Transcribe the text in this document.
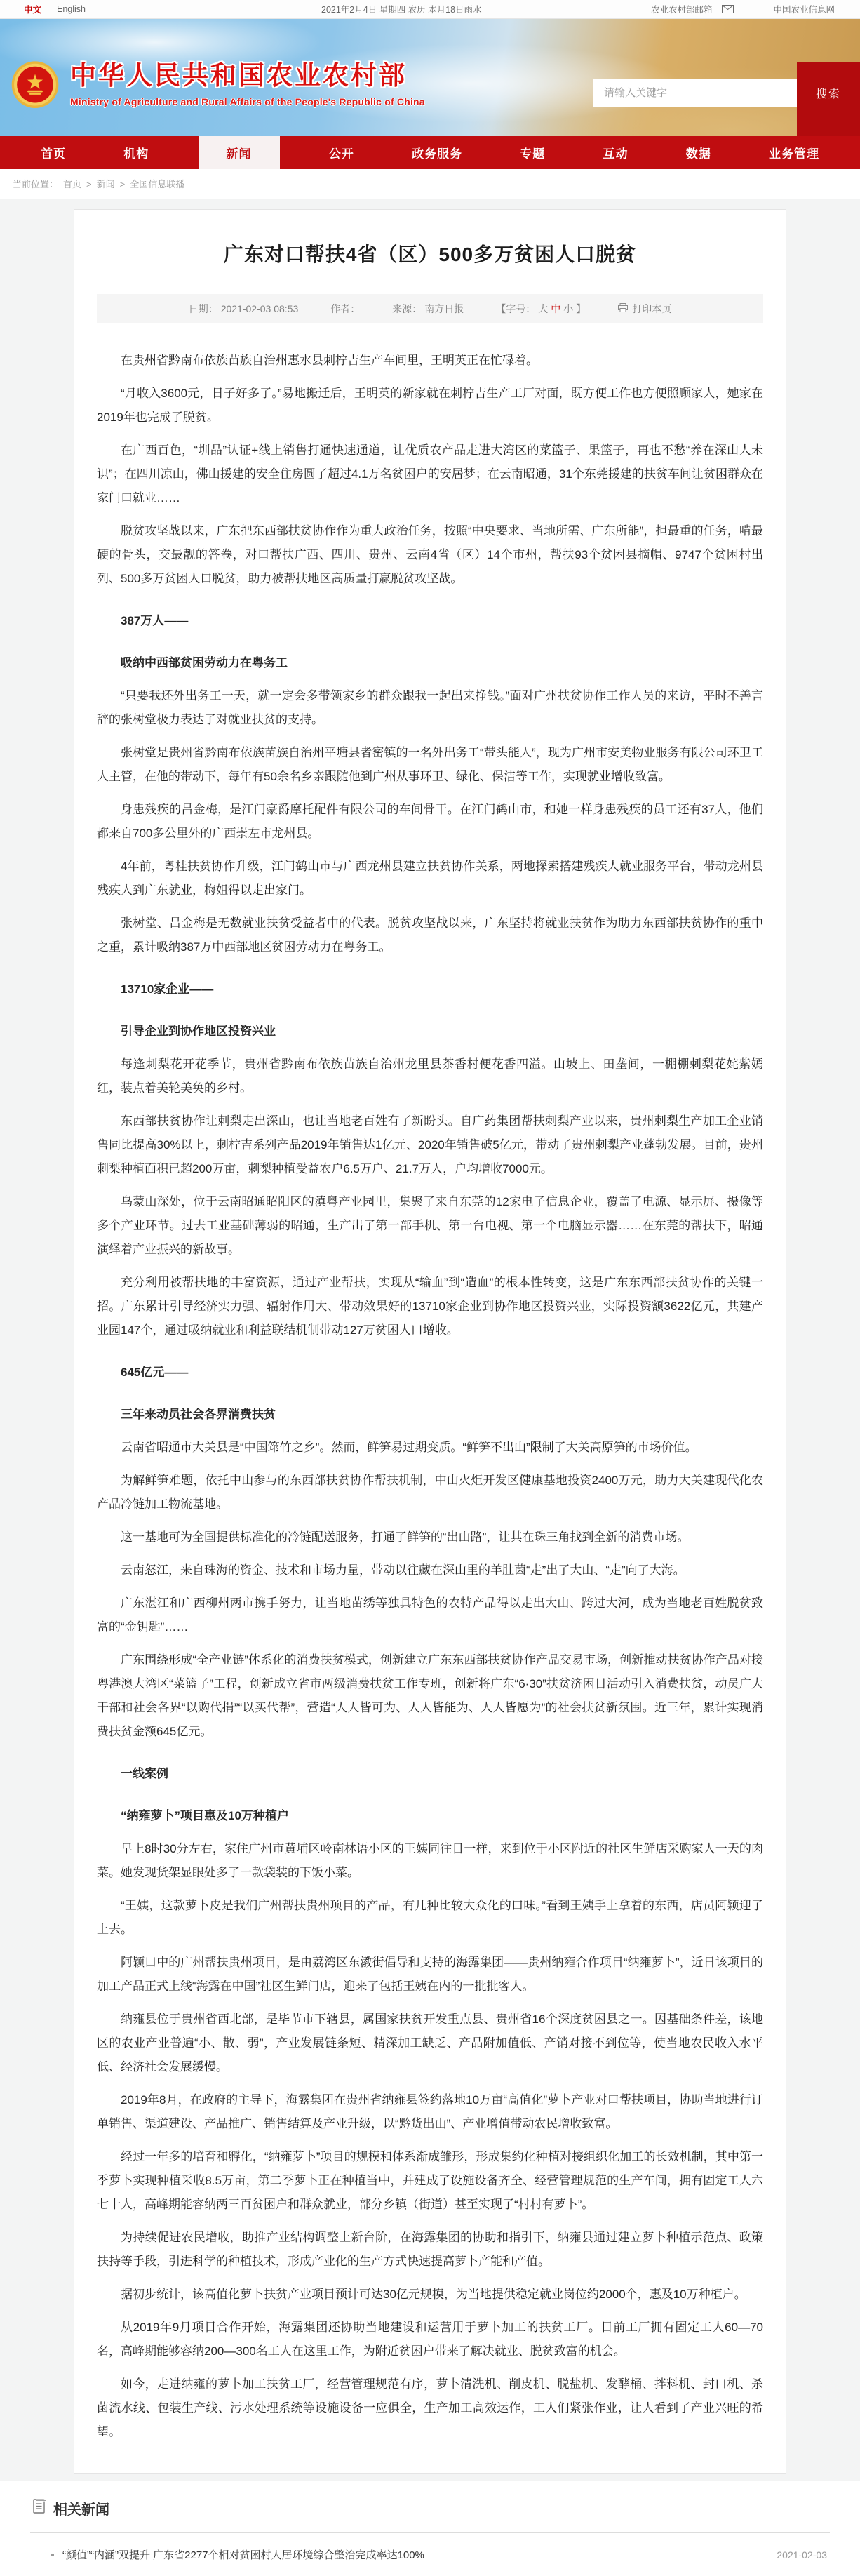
中文 English	2021年2月4日 星期四 农历 本月18日雨水	农业农村部邮箱	中国农业信息网
中华人民共和国农业农村部
Ministry of Agriculture and Rural Affairs of the People's Republic of China
请输入关键字
搜索
首页	机构	新闻	公开	政务服务	专题	互动	数据	业务管理
当前位置： 首页 > 新闻 > 全国信息联播
广东对口帮扶4省（区）500多万贫困人口脱贫
日期： 2021-02-03 08:53	作者：	来源： 南方日报	【字号： 大 中 小 】	打印本页

在贵州省黔南布依族苗族自治州惠水县刺柠吉生产车间里，王明英正在忙碌着。

“月收入3600元，日子好多了。”易地搬迁后，王明英的新家就在刺柠吉生产工厂对面，既方便工作也方便照顾家人，她家在2019年也完成了脱贫。

在广西百色，“圳品”认证+线上销售打通快速通道，让优质农产品走进大湾区的菜篮子、果篮子，再也不愁“养在深山人未识”；在四川凉山，佛山援建的安全住房圆了超过4.1万名贫困户的安居梦；在云南昭通，31个东莞援建的扶贫车间让贫困群众在家门口就业……

脱贫攻坚战以来，广东把东西部扶贫协作作为重大政治任务，按照“中央要求、当地所需、广东所能”，担最重的任务，啃最硬的骨头，交最靓的答卷，对口帮扶广西、四川、贵州、云南4省（区）14个市州，帮扶93个贫困县摘帽、9747个贫困村出列、500多万贫困人口脱贫，助力被帮扶地区高质量打赢脱贫攻坚战。

387万人——

吸纳中西部贫困劳动力在粤务工

“只要我还外出务工一天，就一定会多带领家乡的群众跟我一起出来挣钱。”面对广州扶贫协作工作人员的来访，平时不善言辞的张树堂极力表达了对就业扶贫的支持。

张树堂是贵州省黔南布依族苗族自治州平塘县者密镇的一名外出务工“带头能人”，现为广州市安美物业服务有限公司环卫工人主管，在他的带动下，每年有50余名乡亲跟随他到广州从事环卫、绿化、保洁等工作，实现就业增收致富。

身患残疾的吕金梅，是江门豪爵摩托配件有限公司的车间骨干。在江门鹤山市，和她一样身患残疾的员工还有37人，他们都来自700多公里外的广西崇左市龙州县。

4年前，粤桂扶贫协作升级，江门鹤山市与广西龙州县建立扶贫协作关系，两地探索搭建残疾人就业服务平台，带动龙州县残疾人到广东就业，梅姐得以走出家门。

张树堂、吕金梅是无数就业扶贫受益者中的代表。脱贫攻坚战以来，广东坚持将就业扶贫作为助力东西部扶贫协作的重中之重，累计吸纳387万中西部地区贫困劳动力在粤务工。

13710家企业——

引导企业到协作地区投资兴业

每逢刺梨花开花季节，贵州省黔南布依族苗族自治州龙里县茶香村便花香四溢。山坡上、田垄间，一棚棚刺梨花姹紫嫣红，装点着美轮美奂的乡村。

东西部扶贫协作让刺梨走出深山，也让当地老百姓有了新盼头。自广药集团帮扶刺梨产业以来，贵州刺梨生产加工企业销售同比提高30%以上，刺柠吉系列产品2019年销售达1亿元、2020年销售破5亿元，带动了贵州刺梨产业蓬勃发展。目前，贵州刺梨种植面积已超200万亩，刺梨种植受益农户6.5万户、21.7万人，户均增收7000元。

乌蒙山深处，位于云南昭通昭阳区的滇粤产业园里，集聚了来自东莞的12家电子信息企业，覆盖了电源、显示屏、摄像等多个产业环节。过去工业基础薄弱的昭通，生产出了第一部手机、第一台电视、第一个电脑显示器……在东莞的帮扶下，昭通演绎着产业振兴的新故事。

充分利用被帮扶地的丰富资源，通过产业帮扶，实现从“输血”到“造血”的根本性转变，这是广东东西部扶贫协作的关键一招。广东累计引导经济实力强、辐射作用大、带动效果好的13710家企业到协作地区投资兴业，实际投资额3622亿元，共建产业园147个，通过吸纳就业和利益联结机制带动127万贫困人口增收。

645亿元——

三年来动员社会各界消费扶贫

云南省昭通市大关县是“中国筇竹之乡”。然而，鲜笋易过期变质。“鲜笋不出山”限制了大关高原笋的市场价值。

为解鲜笋难题，依托中山参与的东西部扶贫协作帮扶机制，中山火炬开发区健康基地投资2400万元，助力大关建现代化农产品冷链加工物流基地。

这一基地可为全国提供标准化的冷链配送服务，打通了鲜笋的“出山路”，让其在珠三角找到全新的消费市场。

云南怒江，来自珠海的资金、技术和市场力量，带动以往藏在深山里的羊肚菌“走”出了大山、“走”向了大海。

广东湛江和广西柳州两市携手努力，让当地苗绣等独具特色的农特产品得以走出大山、跨过大河，成为当地老百姓脱贫致富的“金钥匙”……

广东围绕形成“全产业链”体系化的消费扶贫模式，创新建立广东东西部扶贫协作产品交易市场，创新推动扶贫协作产品对接粤港澳大湾区“菜篮子”工程，创新成立省市两级消费扶贫工作专班，创新将广东“6·30”扶贫济困日活动引入消费扶贫，动员广大干部和社会各界“以购代捐”“以买代帮”，营造“人人皆可为、人人皆能为、人人皆愿为”的社会扶贫新氛围。近三年，累计实现消费扶贫金额645亿元。

一线案例

“纳雍萝卜”项目惠及10万种植户

早上8时30分左右，家住广州市黄埔区岭南林语小区的王姨同往日一样，来到位于小区附近的社区生鲜店采购家人一天的肉菜。她发现货架显眼处多了一款袋装的下饭小菜。

“王姨，这款萝卜皮是我们广州帮扶贵州项目的产品，有几种比较大众化的口味。”看到王姨手上拿着的东西，店员阿颖迎了上去。

阿颖口中的广州帮扶贵州项目，是由荔湾区东漖街倡导和支持的海露集团——贵州纳雍合作项目“纳雍萝卜”，近日该项目的加工产品正式上线“海露在中国”社区生鲜门店，迎来了包括王姨在内的一批批客人。

纳雍县位于贵州省西北部，是毕节市下辖县，属国家扶贫开发重点县、贵州省16个深度贫困县之一。因基础条件差，该地区的农业产业普遍“小、散、弱”，产业发展链条短、精深加工缺乏、产品附加值低、产销对接不到位等，使当地农民收入水平低、经济社会发展缓慢。

2019年8月，在政府的主导下，海露集团在贵州省纳雍县签约落地10万亩“高值化”萝卜产业对口帮扶项目，协助当地进行订单销售、渠道建设、产品推广、销售结算及产业升级，以“黔货出山”、产业增值带动农民增收致富。

经过一年多的培育和孵化，“纳雍萝卜”项目的规模和体系渐成雏形，形成集约化种植对接组织化加工的长效机制，其中第一季萝卜实现种植采收8.5万亩，第二季萝卜正在种植当中，并建成了设施设备齐全、经营管理规范的生产车间，拥有固定工人六七十人，高峰期能容纳两三百贫困户和群众就业，部分乡镇（街道）甚至实现了“村村有萝卜”。

为持续促进农民增收，助推产业结构调整上新台阶，在海露集团的协助和指引下，纳雍县通过建立萝卜种植示范点、政策扶持等手段，引进科学的种植技术，形成产业化的生产方式快速提高萝卜产能和产值。

据初步统计，该高值化萝卜扶贫产业项目预计可达30亿元规模，为当地提供稳定就业岗位约2000个，惠及10万种植户。

从2019年9月项目合作开始，海露集团还协助当地建设和运营用于萝卜加工的扶贫工厂。目前工厂拥有固定工人60—70名，高峰期能够容纳200—300名工人在这里工作，为附近贫困户带来了解决就业、脱贫致富的机会。

如今，走进纳雍的萝卜加工扶贫工厂，经营管理规范有序，萝卜清洗机、削皮机、脱盐机、发酵桶、拌料机、封口机、杀菌流水线、包装生产线、污水处理系统等设施设备一应俱全，生产加工高效运作，工人们紧张作业，让人看到了产业兴旺的希望。

相关新闻
“颜值”“内涵”双提升 广东省2277个相对贫困村人居环境综合整治完成率达100%	2021-02-03
